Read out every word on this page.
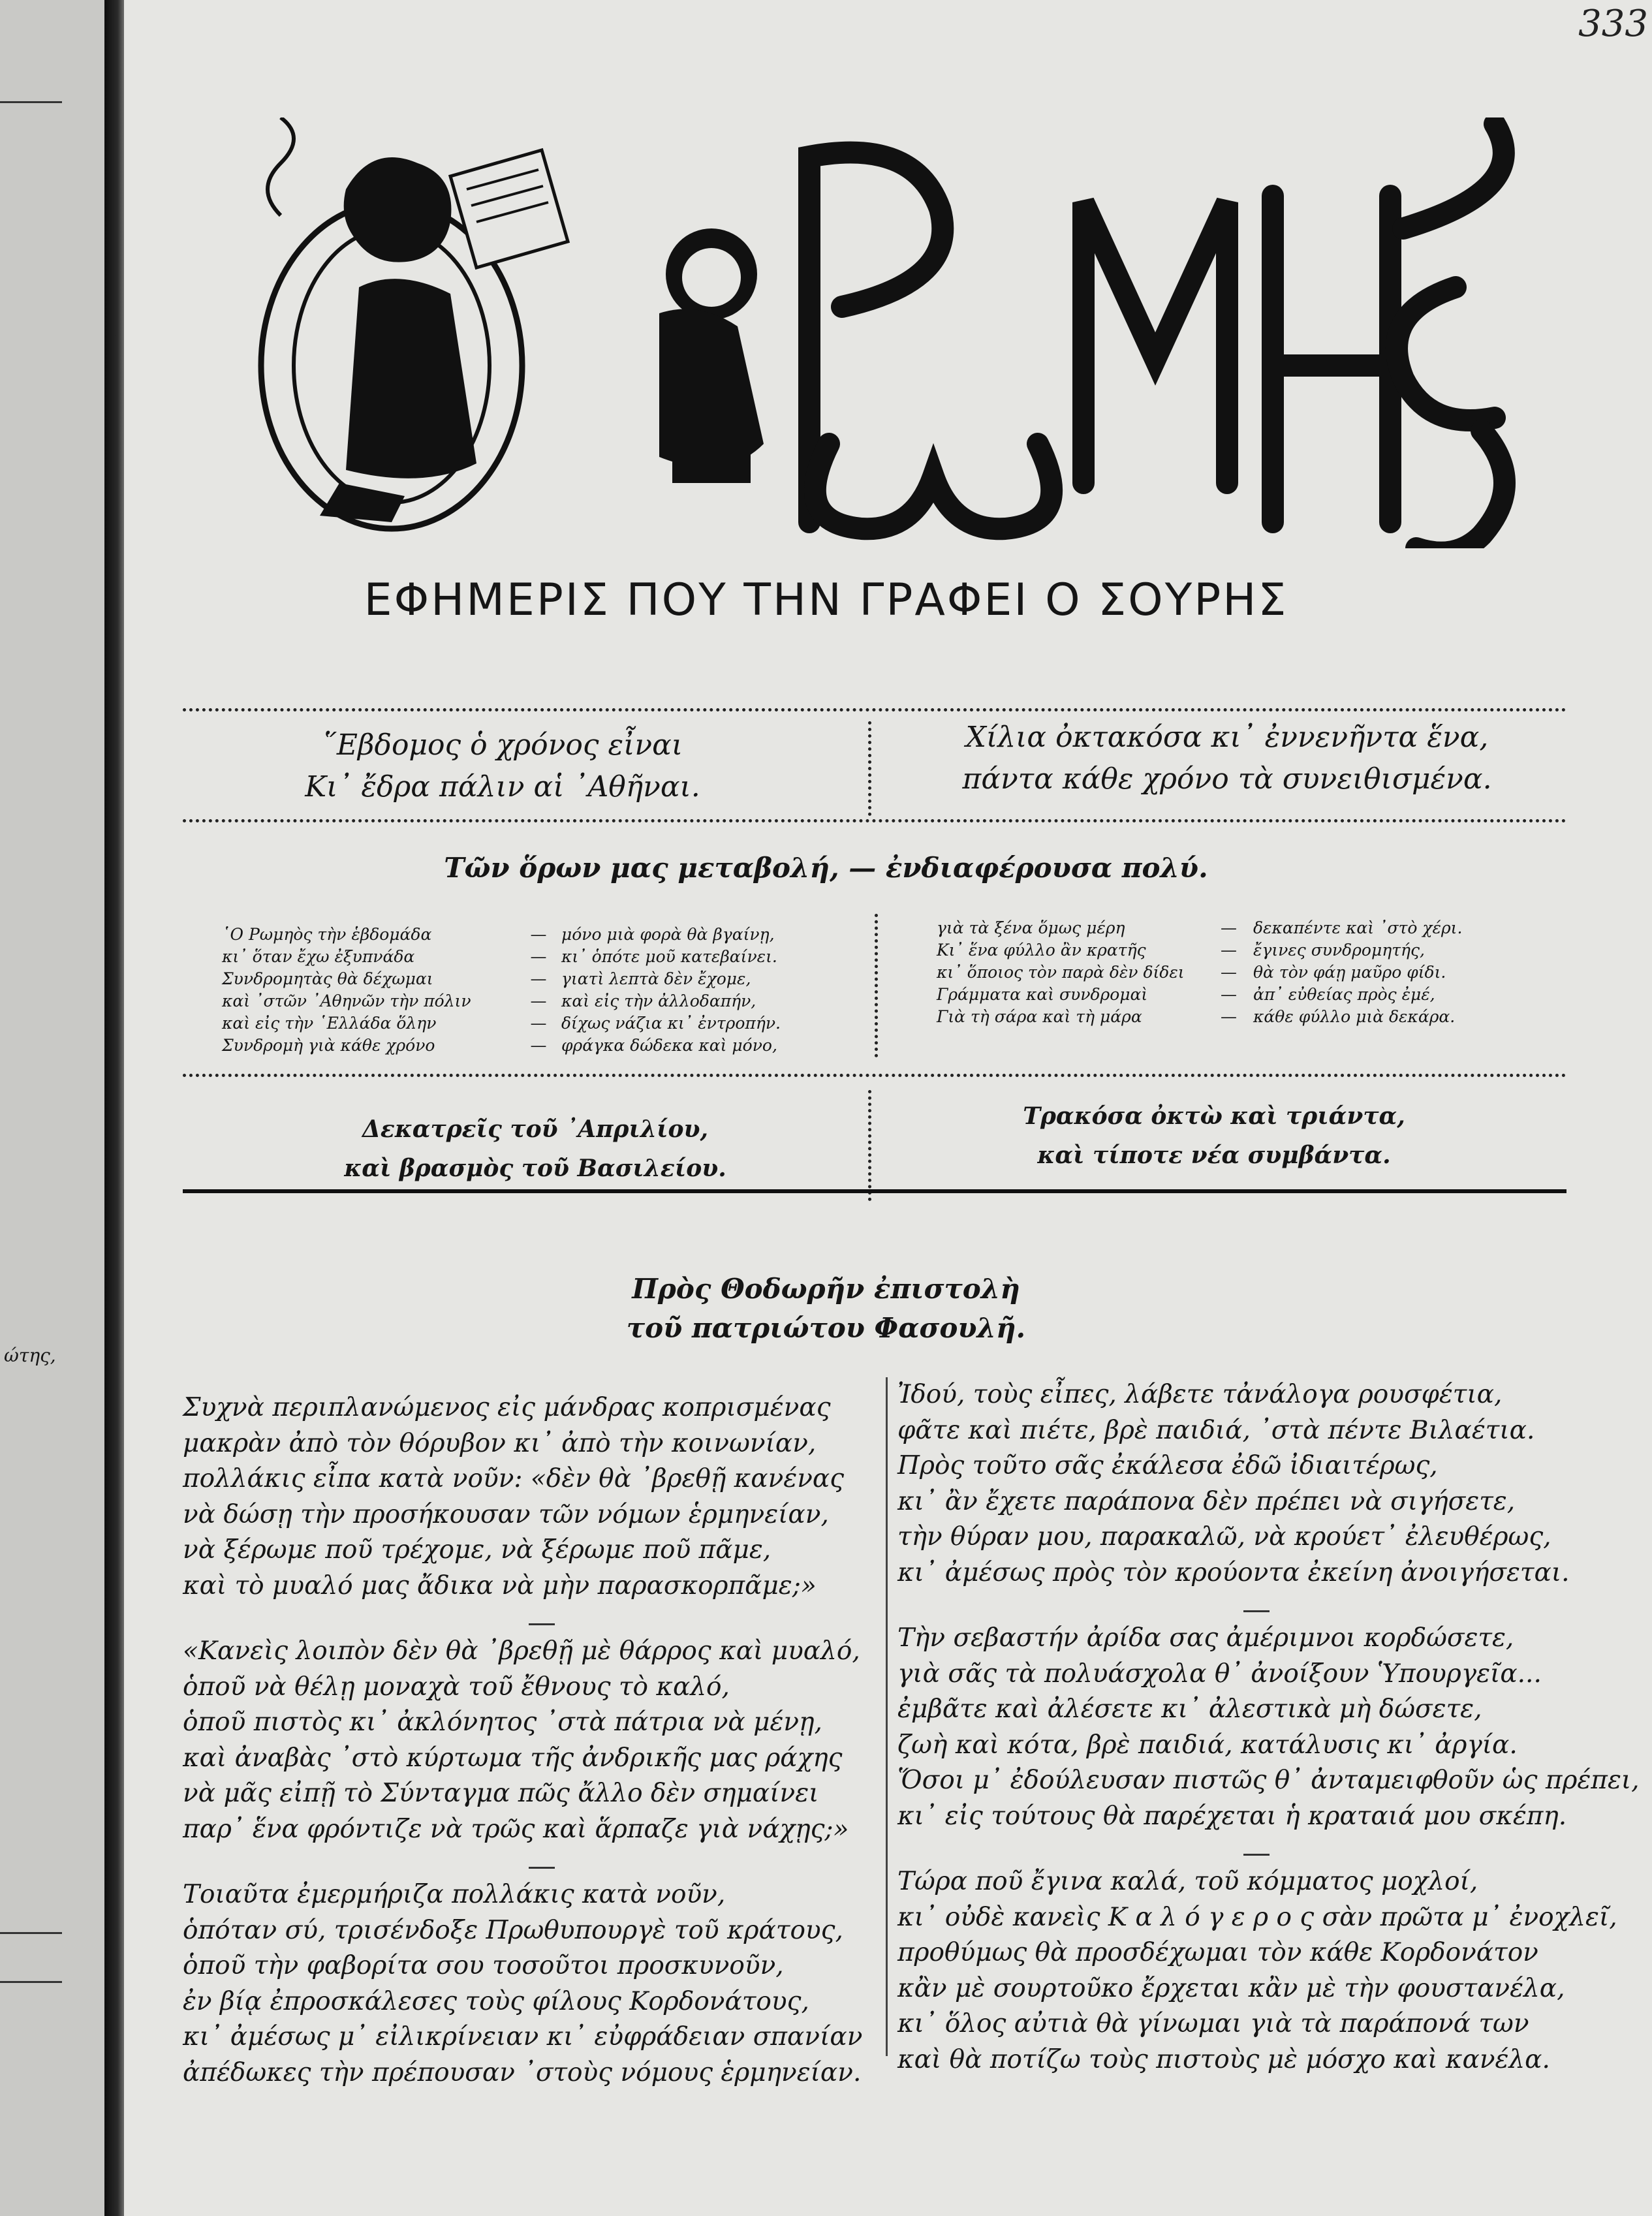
ώτης,
333
ΕΦΗΜΕΡΙΣ ΠΟΥ ΤΗΝ ΓΡΑΦΕΙ Ο ΣΟΥΡΗΣ
῞Εβδομος ὁ χρόνος εἶναι
Κι᾽ ἔδρα πάλιν αἱ ᾽Αθῆναι.
Χίλια ὀκτακόσα κι᾽ ἐννενῆντα ἕνα,
πάντα κάθε χρόνο τὰ συνειθισμένα.
Τῶν ὅρων μας μεταβολή, — ἐνδιαφέρουσα πολύ.
῾Ο Ρωμηὸς τὴν ἑβδομάδα	— μόνο μιὰ φορὰ θὰ βγαίνῃ,
κι᾽ ὅταν ἔχω ἐξυπνάδα	— κι᾽ ὁπότε μοῦ κατεβαίνει.
Συνδρομητὰς θὰ δέχωμαι	— γιατὶ λεπτὰ δὲν ἔχομε,
καὶ ᾽στῶν ᾽Αθηνῶν τὴν πόλιν	— καὶ εἰς τὴν ἀλλοδαπήν,
καὶ εἰς τὴν ῾Ελλάδα ὅλην	— δίχως νάζια κι᾽ ἐντροπήν.
Συνδρομὴ γιὰ κάθε χρόνο	— φράγκα δώδεκα καὶ μόνο,
γιὰ τὰ ξένα ὅμως μέρη	—	δεκαπέντε καὶ ᾽στὸ χέρι.
Κι᾽ ἕνα φύλλο ἂν κρατῆς	—	ἔγινες συνδρομητής,
κι᾽ ὅποιος τὸν παρὰ δὲν δίδει	—	θὰ τὸν φάῃ μαῦρο φίδι.
Γράμματα καὶ συνδρομαὶ	—	ἀπ᾽ εὐθείας πρὸς ἐμέ,
Γιὰ τὴ σάρα καὶ τὴ μάρα	—	κάθε φύλλο μιὰ δεκάρα.
Δεκατρεῖς τοῦ ᾽Απριλίου,
καὶ βρασμὸς τοῦ Βασιλείου.
Τρακόσα ὀκτὼ καὶ τριάντα,
καὶ τίποτε νέα συμβάντα.
Πρὸς Θοδωρῆν ἐπιστολὴ
τοῦ πατριώτου Φασουλῆ.

Συχνὰ περιπλανώμενος εἰς μάνδρας κοπρισμένας

μακρὰν ἀπὸ τὸν θόρυβον κι᾽ ἀπὸ τὴν κοινωνίαν,

πολλάκις εἶπα κατὰ νοῦν: «δὲν θὰ ᾽βρεθῇ κανένας

νὰ δώσῃ τὴν προσήκουσαν τῶν νόμων ἑρμηνείαν,

νὰ ξέρωμε ποῦ τρέχομε, νὰ ξέρωμε ποῦ πᾶμε,

καὶ τὸ μυαλό μας ἄδικα νὰ μὴν παρασκορπᾶμε;»

«Κανεὶς λοιπὸν δὲν θὰ ᾽βρεθῇ μὲ θάρρος καὶ μυαλό,

ὁποῦ νὰ θέλῃ μοναχὰ τοῦ ἔθνους τὸ καλό,

ὁποῦ πιστὸς κι᾽ ἀκλόνητος ᾽στὰ πάτρια νὰ μένῃ,

καὶ ἀναβὰς ᾽στὸ κύρτωμα τῆς ἀνδρικῆς μας ράχης

νὰ μᾶς εἰπῇ τὸ Σύνταγμα πῶς ἄλλο δὲν σημαίνει

παρ᾽ ἕνα φρόντιζε νὰ τρῶς καὶ ἅρπαζε γιὰ νάχῃς;»

Τοιαῦτα ἐμερμήριζα πολλάκις κατὰ νοῦν,

ὁπόταν σύ, τρισένδοξε Πρωθυπουργὲ τοῦ κράτους,

ὁποῦ τὴν φαβορίτα σου τοσοῦτοι προσκυνοῦν,

ἐν βίᾳ ἐπροσκάλεσες τοὺς φίλους Κορδονάτους,

κι᾽ ἀμέσως μ᾽ εἰλικρίνειαν κι᾽ εὐφράδειαν σπανίαν

ἀπέδωκες τὴν πρέπουσαν ᾽στοὺς νόμους ἑρμηνείαν.

Ἰδού, τοὺς εἶπες, λάβετε τἀνάλογα ρουσφέτια,

φᾶτε καὶ πιέτε, βρὲ παιδιά, ᾽στὰ πέντε Βιλαέτια.

Πρὸς τοῦτο σᾶς ἐκάλεσα ἐδῶ ἰδιαιτέρως,

κι᾽ ἂν ἔχετε παράπονα δὲν πρέπει νὰ σιγήσετε,

τὴν θύραν μου, παρακαλῶ, νὰ κρούετ᾽ ἐλευθέρως,

κι᾽ ἀμέσως πρὸς τὸν κρούοντα ἐκείνη ἀνοιγήσεται.

Τὴν σεβαστήν ἀρίδα σας ἀμέριμνοι κορδώσετε,

γιὰ σᾶς τὰ πολυάσχολα θ᾽ ἀνοίξουν Ὑπουργεῖα...

ἐμβᾶτε καὶ ἀλέσετε κι᾽ ἀλεστικὰ μὴ δώσετε,

ζωὴ καὶ κότα, βρὲ παιδιά, κατάλυσις κι᾽ ἀργία.

Ὅσοι μ᾽ ἐδούλευσαν πιστῶς θ᾽ ἀνταμειφθοῦν ὡς πρέπει,

κι᾽ εἰς τούτους θὰ παρέχεται ἡ κραταιά μου σκέπη.

Τώρα ποῦ ἔγινα καλά, τοῦ κόμματος μοχλοί,

κι᾽ οὐδὲ κανεὶς Κ α λ ό γ ε ρ ο ς σὰν πρῶτα μ᾽ ἐνοχλεῖ,

προθύμως θὰ προσδέχωμαι τὸν κάθε Κορδονάτον

κἂν μὲ σουρτοῦκο ἔρχεται κἂν μὲ τὴν φουστανέλα,

κι᾽ ὅλος αὐτιὰ θὰ γίνωμαι γιὰ τὰ παράπονά των

καὶ θὰ ποτίζω τοὺς πιστοὺς μὲ μόσχο καὶ κανέλα.
